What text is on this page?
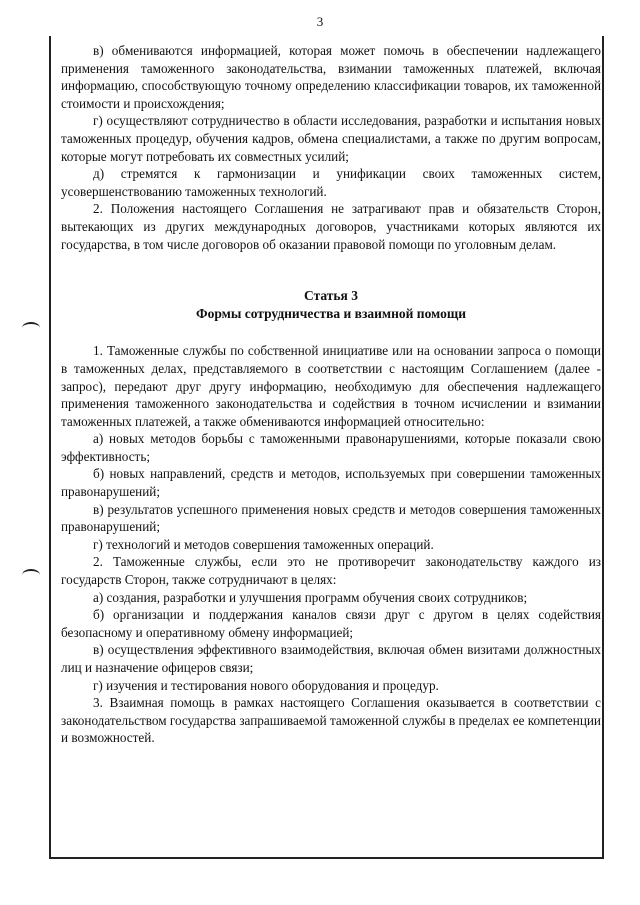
3

в) обмениваются информацией, которая может помочь в обеспечении надлежащего применения таможенного законодательства, взимании таможенных платежей, включая информацию, способствующую точному определению классификации товаров, их таможенной стоимости и происхождения;

г) осуществляют сотрудничество в области исследования, разработки и испытания новых таможенных процедур, обучения кадров, обмена специалистами, а также по другим вопросам, которые могут потребовать их совместных усилий;

д) стремятся к гармонизации и унификации своих таможенных систем, усовершенствованию таможенных технологий.

2. Положения настоящего Соглашения не затрагивают прав и обязательств Сторон, вытекающих из других международных договоров, участниками которых являются их государства, в том числе договоров об оказании правовой помощи по уголовным делам.

Статья 3
Формы сотрудничества и взаимной помощи

1. Таможенные службы по собственной инициативе или на основании запроса о помощи в таможенных делах, представляемого в соответствии с настоящим Соглашением (далее - запрос), передают друг другу информацию, необходимую для обеспечения надлежащего применения таможенного законодательства и содействия в точном исчислении и взимании таможенных платежей, а также обмениваются информацией относительно:

а) новых методов борьбы с таможенными правонарушениями, которые показали свою эффективность;

б) новых направлений, средств и методов, используемых при совершении таможенных правонарушений;

в) результатов успешного применения новых средств и методов совершения таможенных правонарушений;

г) технологий и методов совершения таможенных операций.

2. Таможенные службы, если это не противоречит законодательству каждого из государств Сторон, также сотрудничают в целях:

а) создания, разработки и улучшения программ обучения своих сотрудников;

б) организации и поддержания каналов связи друг с другом в целях содействия безопасному и оперативному обмену информацией;

в) осуществления эффективного взаимодействия, включая обмен визитами должностных лиц и назначение офицеров связи;

г) изучения и тестирования нового оборудования и процедур.

3. Взаимная помощь в рамках настоящего Соглашения оказывается в соответствии с законодательством государства запрашиваемой таможенной службы в пределах ее компетенции и возможностей.
